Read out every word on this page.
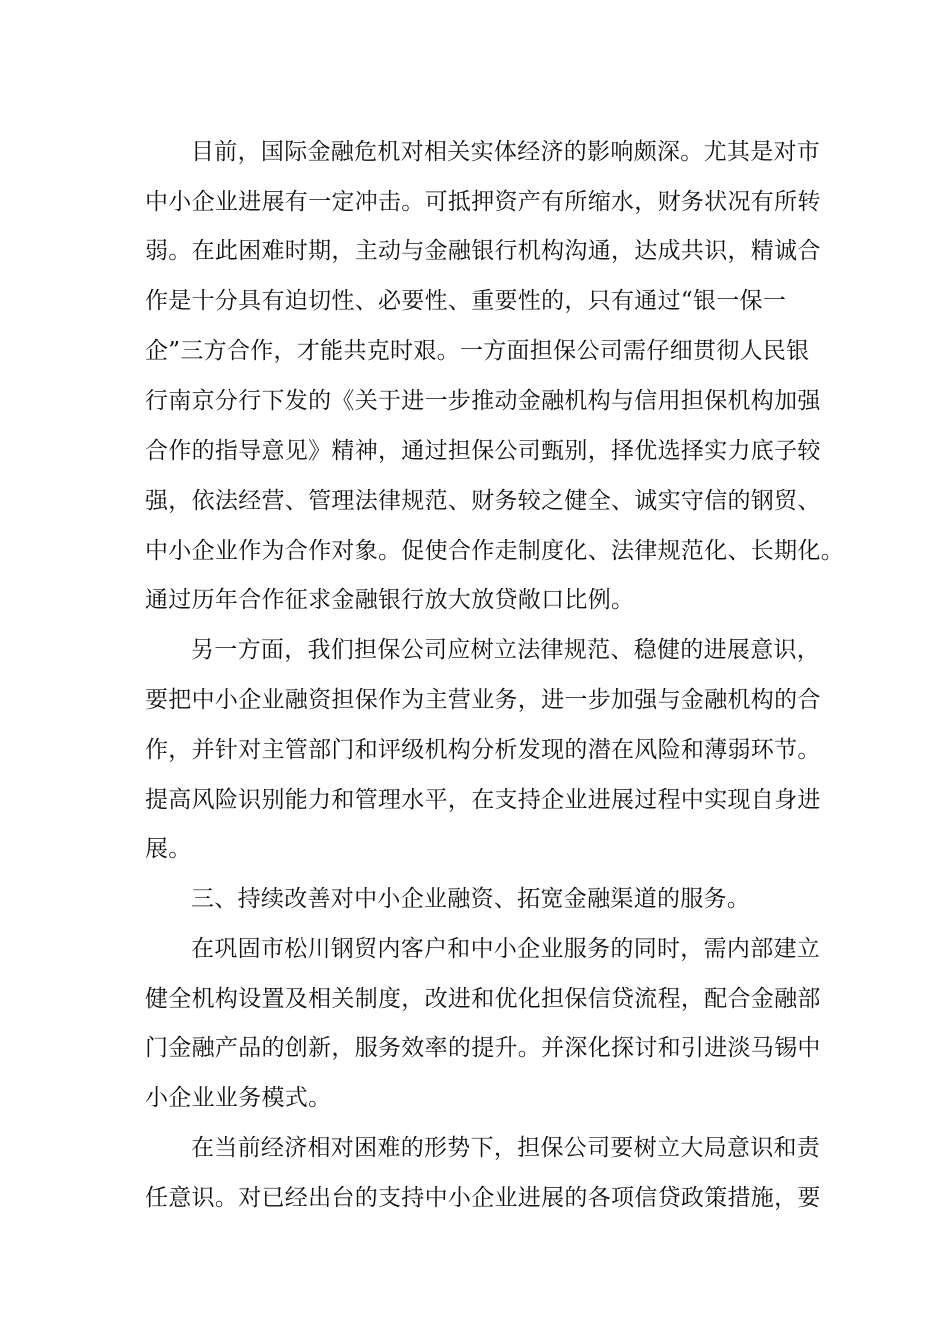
目前，国际金融危机对相关实体经济的影响颇深。尤其是对市
中小企业进展有一定冲击。可抵押资产有所缩水，财务状况有所转
弱。在此困难时期，主动与金融银行机构沟通，达成共识，精诚合
作是十分具有迫切性、必要性、重要性的，只有通过“银一保一
企”三方合作，才能共克时艰。一方面担保公司需仔细贯彻人民银
行南京分行下发的《关于进一步推动金融机构与信用担保机构加强
合作的指导意见》精神，通过担保公司甄别，择优选择实力底子较
强，依法经营、管理法律规范、财务较之健全、诚实守信的钢贸、
中小企业作为合作对象。促使合作走制度化、法律规范化、长期化。
通过历年合作征求金融银行放大放贷敞口比例。
另一方面，我们担保公司应树立法律规范、稳健的进展意识，
要把中小企业融资担保作为主营业务，进一步加强与金融机构的合
作，并针对主管部门和评级机构分析发现的潜在风险和薄弱环节。
提高风险识别能力和管理水平，在支持企业进展过程中实现自身进
展。
三、持续改善对中小企业融资、拓宽金融渠道的服务。
在巩固市松川钢贸内客户和中小企业服务的同时，需内部建立
健全机构设置及相关制度，改进和优化担保信贷流程，配合金融部
门金融产品的创新，服务效率的提升。并深化探讨和引进淡马锡中
小企业业务模式。
在当前经济相对困难的形势下，担保公司要树立大局意识和责
任意识。对已经出台的支持中小企业进展的各项信贷政策措施，要
